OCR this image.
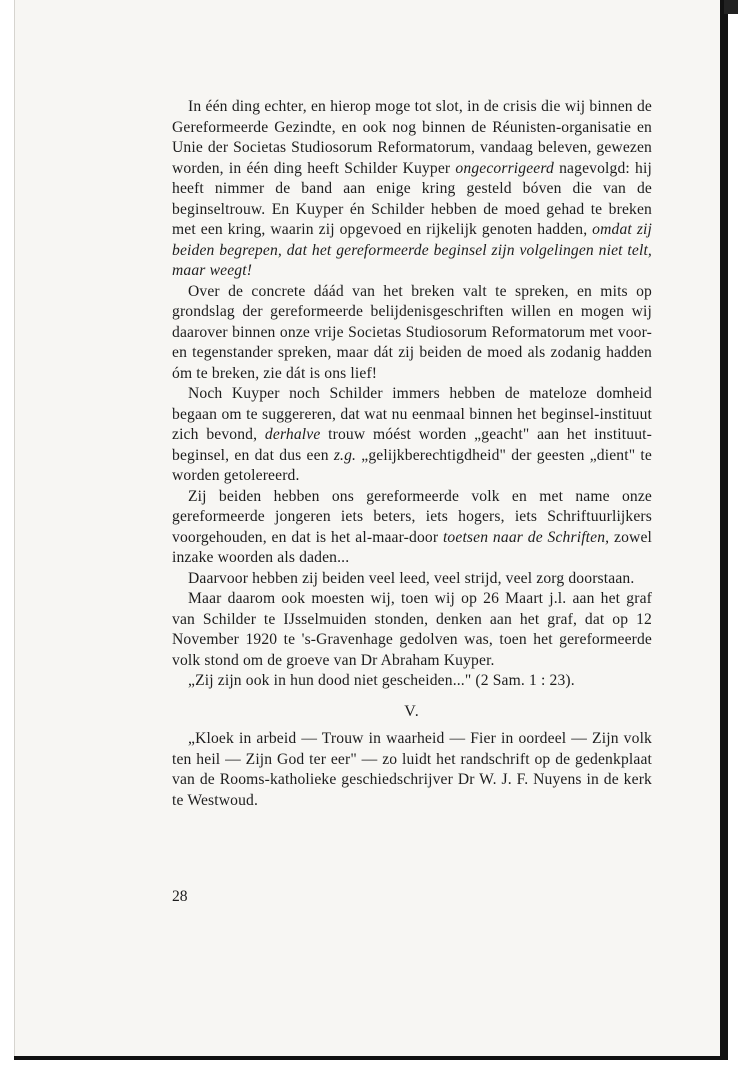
In één ding echter, en hierop moge tot slot, in de crisis die wij binnen de Gereformeerde Gezindte, en ook nog binnen de Réunisten-organisatie en Unie der Societas Studiosorum Reformatorum, vandaag beleven, gewezen worden, in één ding heeft Schilder Kuyper ongecorrigeerd nagevolgd: hij heeft nimmer de band aan enige kring gesteld bóven die van de beginseltrouw. En Kuyper én Schilder hebben de moed gehad te breken met een kring, waarin zij opgevoed en rijkelijk genoten hadden, omdat zij beiden begrepen, dat het gereformeerde beginsel zijn volgelingen niet telt, maar weegt!

Over de concrete dáád van het breken valt te spreken, en mits op grondslag der gereformeerde belijdenisgeschriften willen en mogen wij daarover binnen onze vrije Societas Studiosorum Reformatorum met voor- en tegenstander spreken, maar dát zij beiden de moed als zodanig hadden óm te breken, zie dát is ons lief!

Noch Kuyper noch Schilder immers hebben de mateloze domheid begaan om te suggereren, dat wat nu eenmaal binnen het beginsel-instituut zich bevond, derhalve trouw móést worden „geacht" aan het instituut-beginsel, en dat dus een z.g. „gelijkberechtigdheid" der geesten „dient" te worden getolereerd.

Zij beiden hebben ons gereformeerde volk en met name onze gereformeerde jongeren iets beters, iets hogers, iets Schriftuurlijkers voorgehouden, en dat is het al-maar-door toetsen naar de Schriften, zowel inzake woorden als daden...

Daarvoor hebben zij beiden veel leed, veel strijd, veel zorg doorstaan.

Maar daarom ook moesten wij, toen wij op 26 Maart j.l. aan het graf van Schilder te IJsselmuiden stonden, denken aan het graf, dat op 12 November 1920 te 's-Gravenhage gedolven was, toen het gereformeerde volk stond om de groeve van Dr Abraham Kuyper.

„Zij zijn ook in hun dood niet gescheiden..." (2 Sam. 1 : 23).

V.

„Kloek in arbeid — Trouw in waarheid — Fier in oordeel — Zijn volk ten heil — Zijn God ter eer" — zo luidt het randschrift op de gedenkplaat van de Rooms-katholieke geschiedschrijver Dr W. J. F. Nuyens in de kerk te Westwoud.

28
